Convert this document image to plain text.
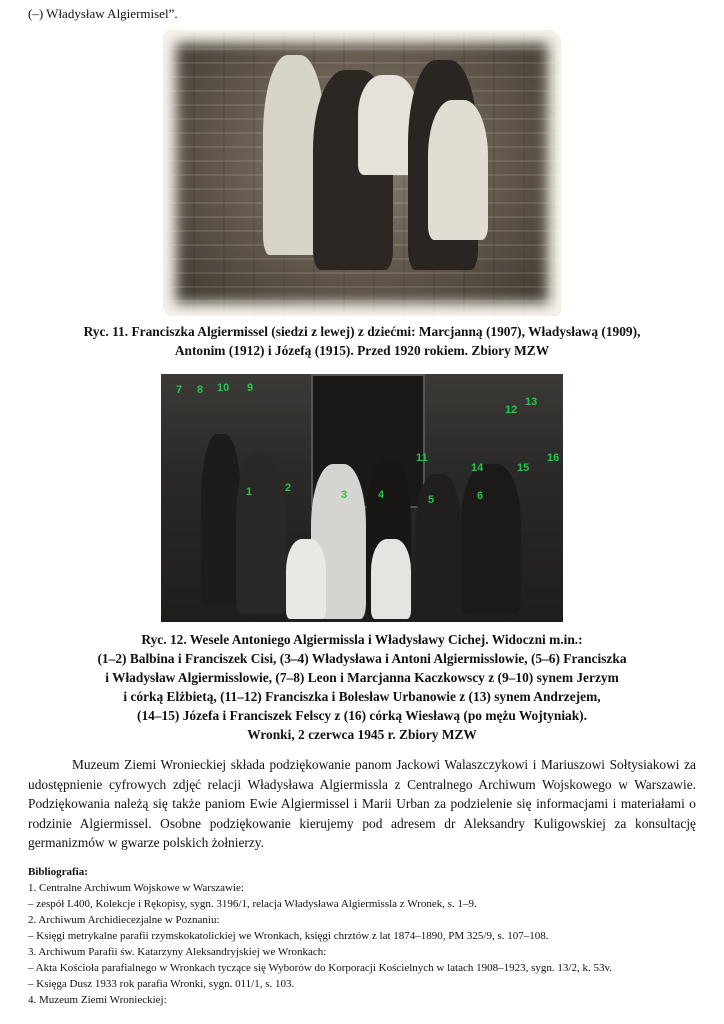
(–) Władysław Algiermisel”.
Ryc. 11. Franciszka Algiermissel (siedzi z lewej) z dziećmi: Marcjanną (1907), Władysławą (1909),
Antonim (1912) i Józefą (1915). Przed 1920 rokiem. Zbiory MZW
7 8 10 9
1	2
3	4	5	6
11
12
13
14	15
16
Ryc. 12. Wesele Antoniego Algiermissla i Władysławy Cichej. Widoczni m.in.:
(1–2) Balbina i Franciszek Cisi, (3–4) Władysława i Antoni Algiermisslowie, (5–6) Franciszka
i Władysław Algiermisslowie, (7–8) Leon i Marcjanna Kaczkowscy z (9–10) synem Jerzym
i córką Elżbietą, (11–12) Franciszka i Bolesław Urbanowie z (13) synem Andrzejem,
(14–15) Józefa i Franciszek Felscy z (16) córką Wiesławą (po mężu Wojtyniak).
Wronki, 2 czerwca 1945 r. Zbiory MZW

Muzeum Ziemi Wronieckiej składa podziękowanie panom Jackowi Walaszczykowi i Mariuszowi Sołtysiakowi za udostępnienie cyfrowych zdjęć relacji Władysława Algiermissla z Centralnego Archiwum Wojskowego w Warszawie. Podziękowania należą się także paniom Ewie Algiermissel i Marii Urban za podzielenie się informacjami i materiałami o rodzinie Algiermissel. Osobne podziękowanie kierujemy pod adresem dr Aleksandry Kuligowskiej za konsultację germanizmów w gwarze polskich żołnierzy.

Bibliografia:
1. Centralne Archiwum Wojskowe w Warszawie:
– zespół I.400, Kolekcje i Rękopisy, sygn. 3196/1, relacja Władysława Algiermissla z Wronek, s. 1–9.
2. Archiwum Archidiecezjalne w Poznaniu:
– Księgi metrykalne parafii rzymskokatolickiej we Wronkach, księgi chrztów z lat 1874–1890, PM 325/9, s. 107–108.
3. Archiwum Parafii św. Katarzyny Aleksandryjskiej we Wronkach:
– Akta Kościoła parafialnego w Wronkach tyczące się Wyborów do Korporacji Kościelnych w latach 1908–1923, sygn. 13/2, k. 53v.
– Księga Dusz 1933 rok parafia Wronki, sygn. 011/1, s. 103.
4. Muzeum Ziemi Wronieckiej:
